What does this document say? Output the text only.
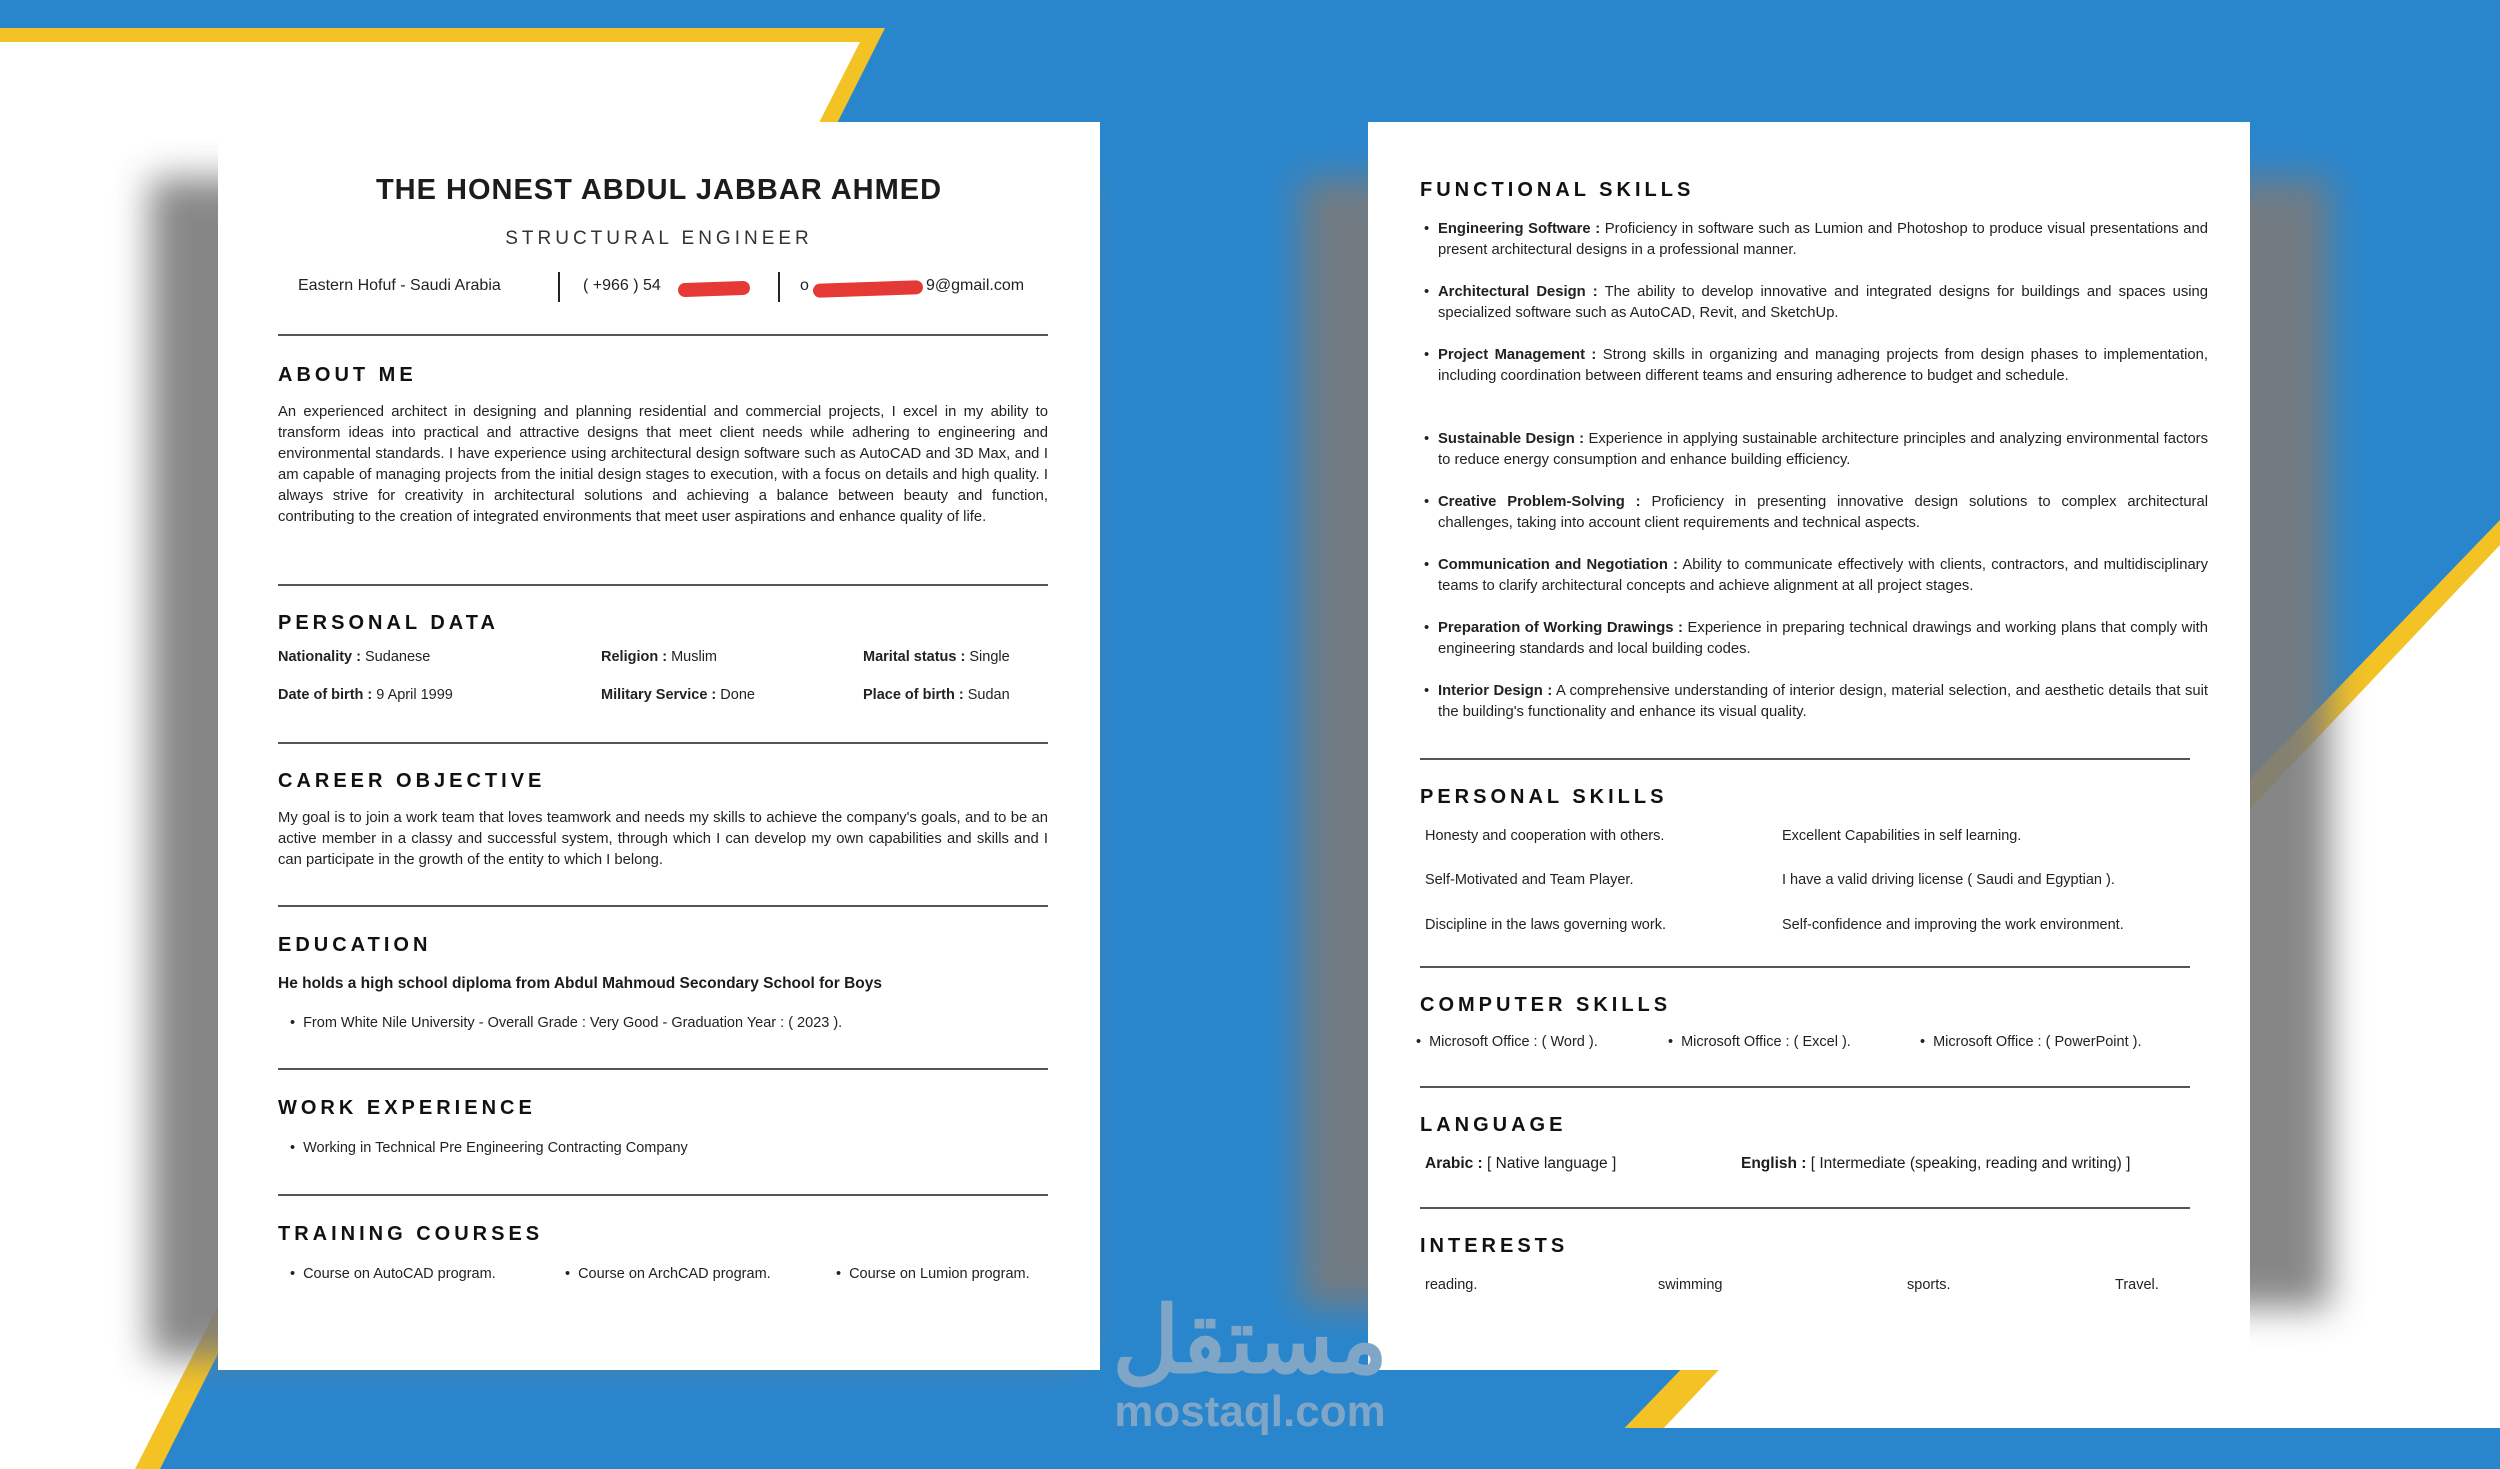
THE HONEST ABDUL JABBAR AHMED
STRUCTURAL ENGINEER
Eastern Hofuf - Saudi Arabia	( +966 ) 54	o	9@gmail.com
ABOUT ME
An experienced architect in designing and planning residential and commercial projects, I excel in my ability to transform ideas into practical and attractive designs that meet client needs while adhering to engineering and environmental standards. I have experience using architectural design software such as AutoCAD and 3D Max, and I am capable of managing projects from the initial design stages to execution, with a focus on details and high quality. I always strive for creativity in architectural solutions and achieving a balance between beauty and function, contributing to the creation of integrated environments that meet user aspirations and enhance quality of life.
PERSONAL DATA
Nationality : Sudanese	Religion : Muslim	Marital status : Single
Date of birth : 9 April 1999	Military Service : Done	Place of birth : Sudan
CAREER OBJECTIVE
My goal is to join a work team that loves teamwork and needs my skills to achieve the company's goals, and to be an active member in a classy and successful system, through which I can develop my own capabilities and skills and I can participate in the growth of the entity to which I belong.
EDUCATION
He holds a high school diploma from Abdul Mahmoud Secondary School for Boys
• From White Nile University - Overall Grade : Very Good - Graduation Year : ( 2023 ).
WORK EXPERIENCE
• Working in Technical Pre Engineering Contracting Company
TRAINING COURSES
• Course on AutoCAD program.	• Course on ArchCAD program.	• Course on Lumion program.
FUNCTIONAL SKILLS
• Engineering Software : Proficiency in software such as Lumion and Photoshop to produce visual presentations and present architectural designs in a professional manner.
• Architectural Design : The ability to develop innovative and integrated designs for buildings and spaces using specialized software such as AutoCAD, Revit, and SketchUp.
• Project Management : Strong skills in organizing and managing projects from design phases to implementation, including coordination between different teams and ensuring adherence to budget and schedule.
• Sustainable Design : Experience in applying sustainable architecture principles and analyzing environmental factors to reduce energy consumption and enhance building efficiency.
• Creative Problem-Solving : Proficiency in presenting innovative design solutions to complex architectural challenges, taking into account client requirements and technical aspects.
• Communication and Negotiation : Ability to communicate effectively with clients, contractors, and multidisciplinary teams to clarify architectural concepts and achieve alignment at all project stages.
• Preparation of Working Drawings : Experience in preparing technical drawings and working plans that comply with engineering standards and local building codes.
• Interior Design : A comprehensive understanding of interior design, material selection, and aesthetic details that suit the building's functionality and enhance its visual quality.
PERSONAL SKILLS
Honesty and cooperation with others.	Excellent Capabilities in self learning.
Self-Motivated and Team Player.	I have a valid driving license ( Saudi and Egyptian ).
Discipline in the laws governing work.	Self-confidence and improving the work environment.
COMPUTER SKILLS
• Microsoft Office : ( Word ).	• Microsoft Office : ( Excel ).	• Microsoft Office : ( PowerPoint ).
LANGUAGE
Arabic : [ Native language ]	English : [ Intermediate (speaking, reading and writing) ]
INTERESTS
reading.	swimming	sports.	Travel.
مستقل
mostaql.com
